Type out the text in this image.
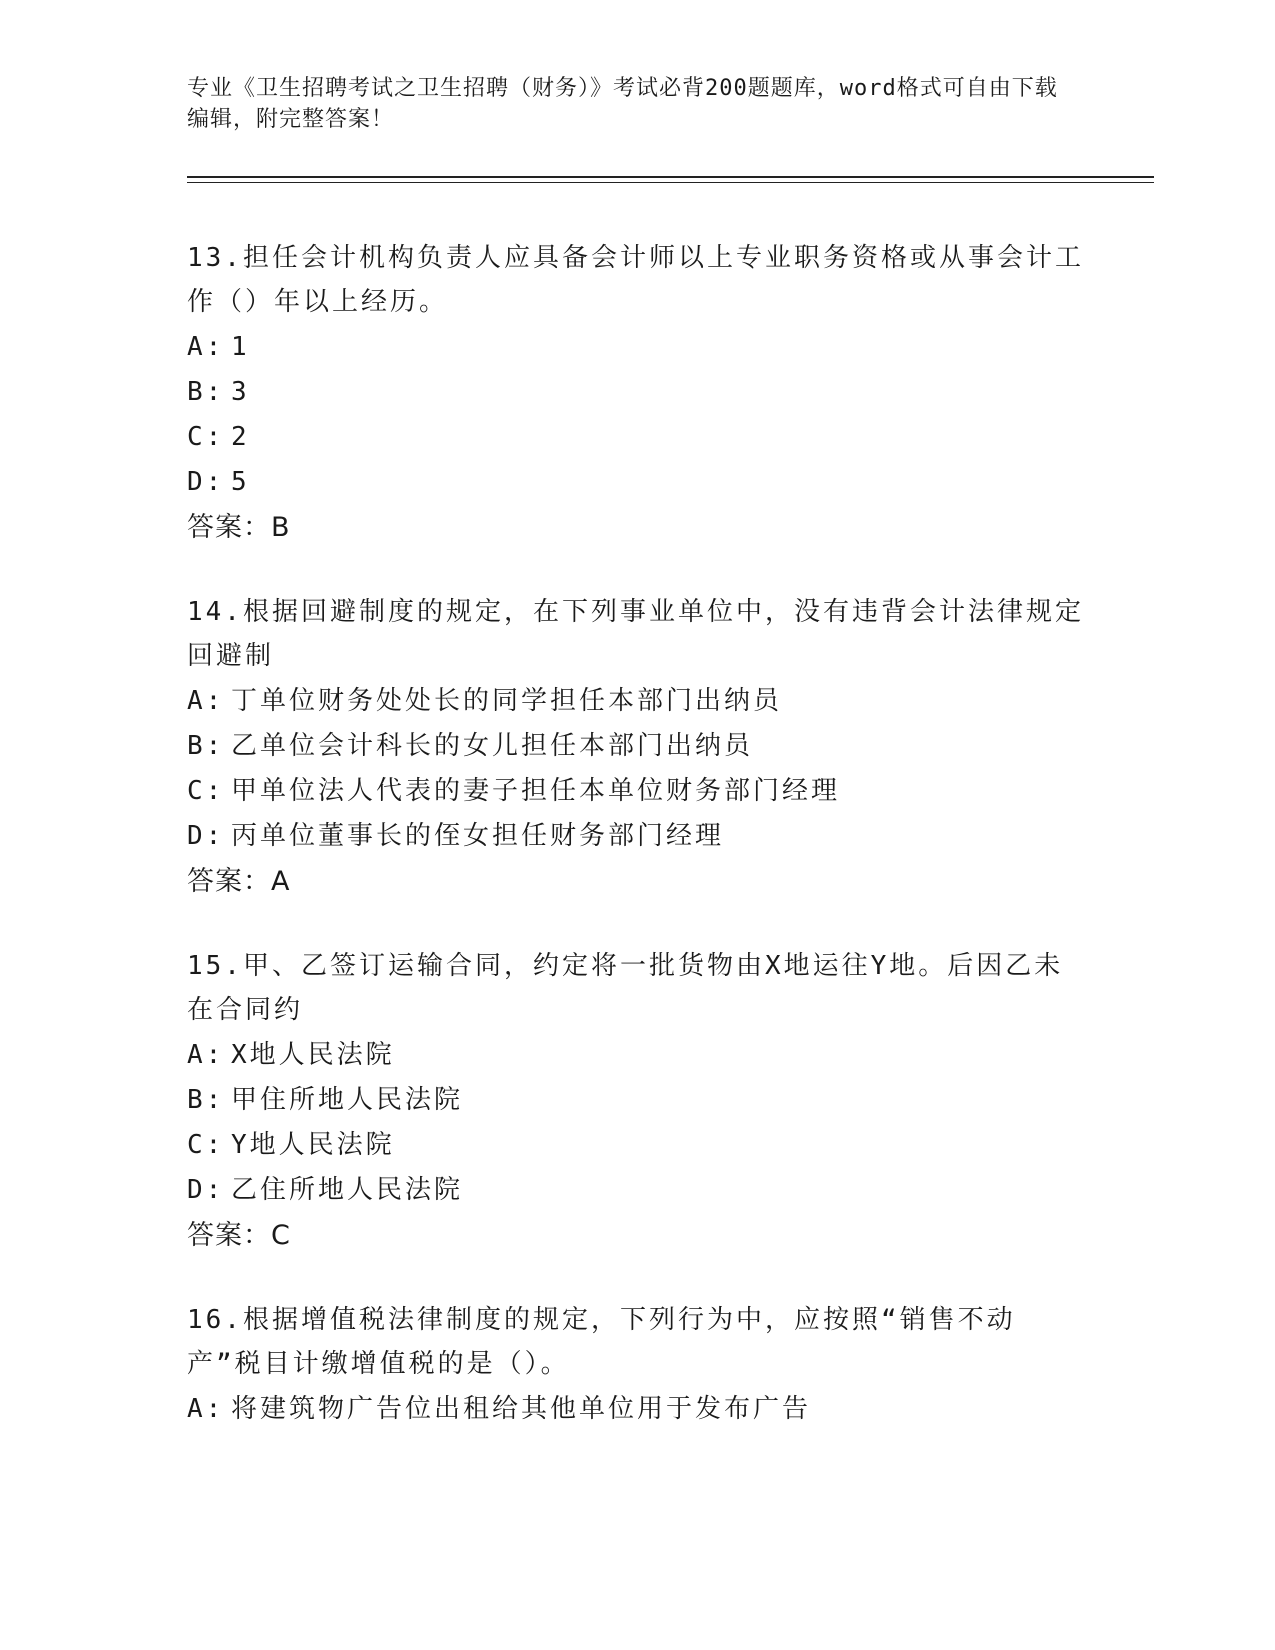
专业《卫生招聘考试之卫生招聘（财务）》考试必背200题题库，word格式可自由下载编辑，附完整答案！
13.担任会计机构负责人应具备会计师以上专业职务资格或从事会计工作（）年以上经历。
A: 1
B: 3
C: 2
D: 5
答案：B
14.根据回避制度的规定，在下列事业单位中，没有违背会计法律规定回避制
A: 丁单位财务处处长的同学担任本部门出纳员
B: 乙单位会计科长的女儿担任本部门出纳员
C: 甲单位法人代表的妻子担任本单位财务部门经理
D: 丙单位董事长的侄女担任财务部门经理
答案：A
15.甲、乙签订运输合同，约定将一批货物由X地运往Y地。后因乙未在合同约
A: X地人民法院
B: 甲住所地人民法院
C: Y地人民法院
D: 乙住所地人民法院
答案：C
16.根据增值税法律制度的规定，下列行为中，应按照“销售不动产”税目计缴增值税的是（）。
A: 将建筑物广告位出租给其他单位用于发布广告
